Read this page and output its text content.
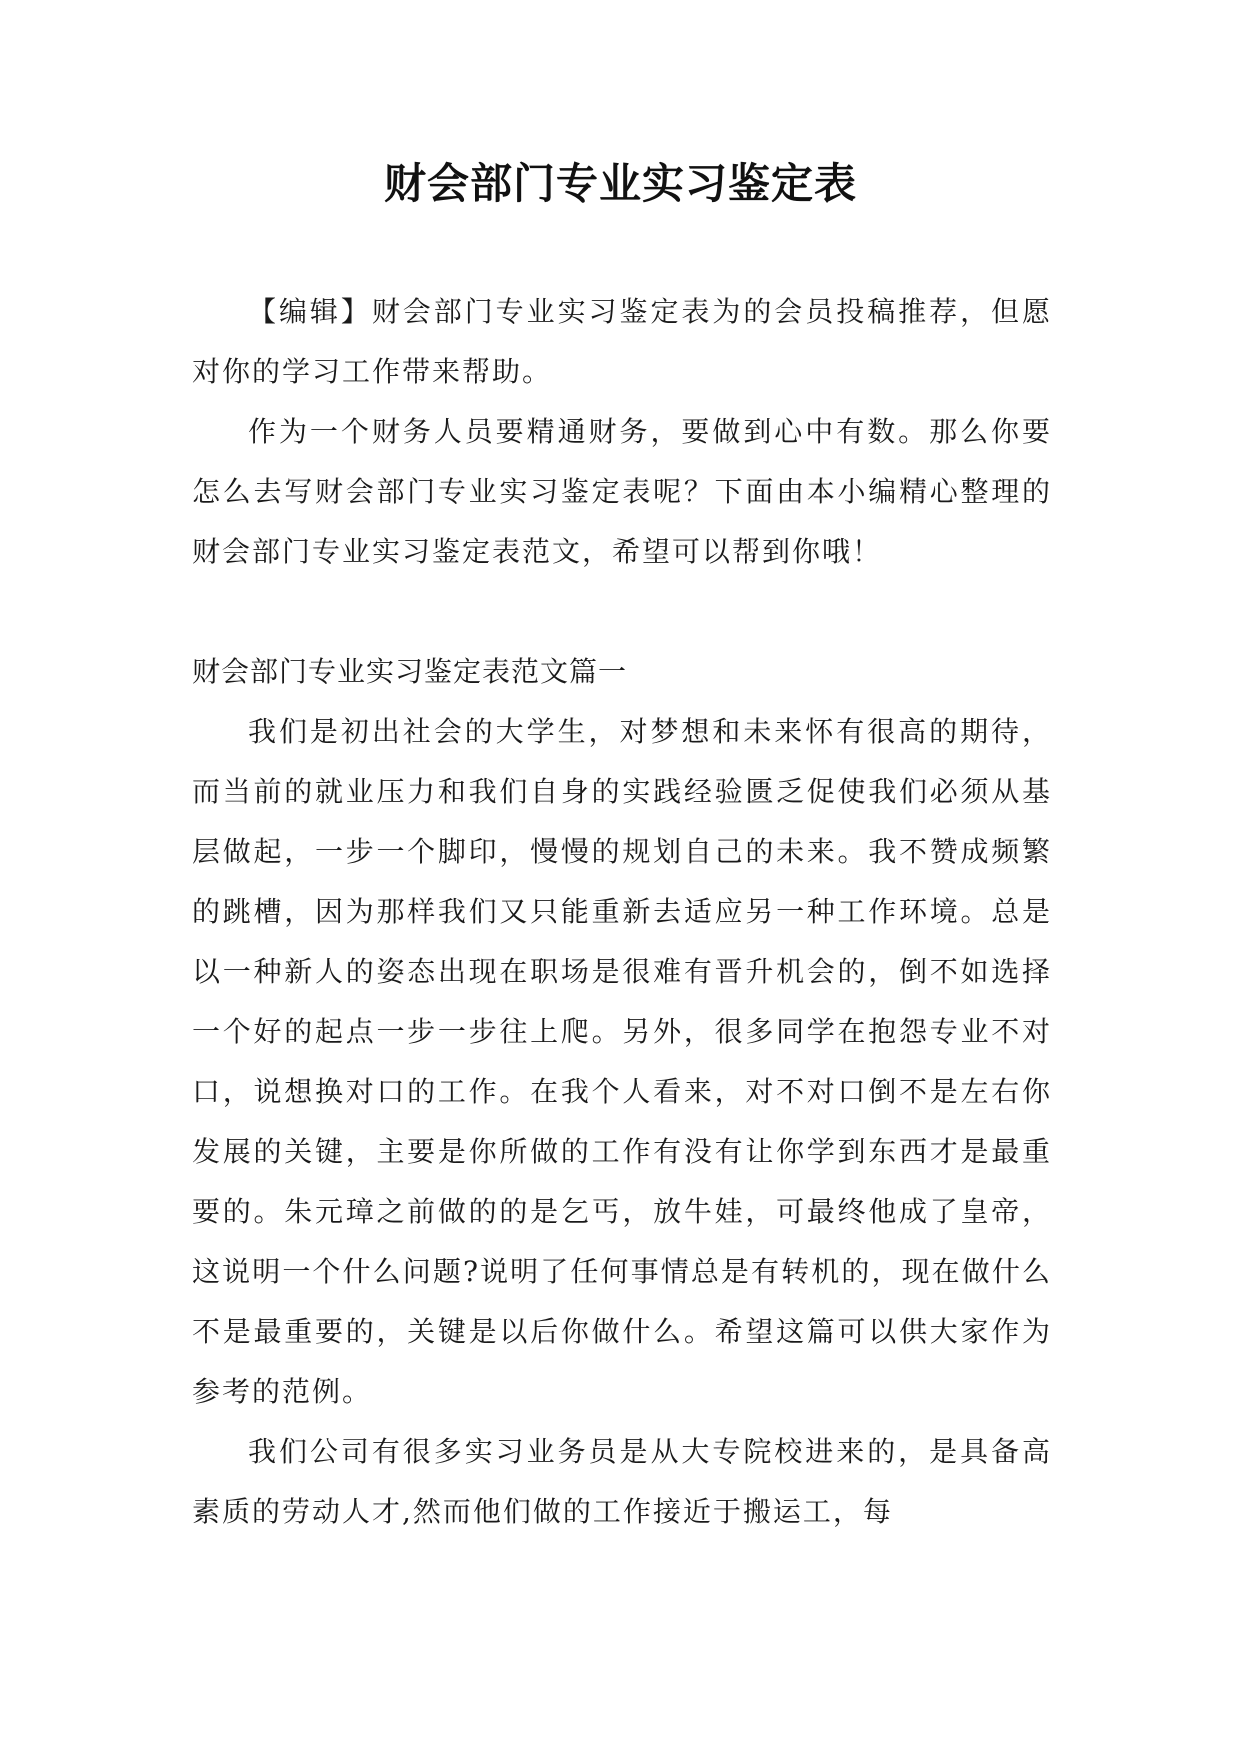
财会部门专业实习鉴定表

【编辑】财会部门专业实习鉴定表为的会员投稿推荐，但愿对你的学习工作带来帮助。

作为一个财务人员要精通财务，要做到心中有数。那么你要怎么去写财会部门专业实习鉴定表呢？下面由本小编精心整理的财会部门专业实习鉴定表范文，希望可以帮到你哦！

财会部门专业实习鉴定表范文篇一

我们是初出社会的大学生，对梦想和未来怀有很高的期待，而当前的就业压力和我们自身的实践经验匮乏促使我们必须从基层做起，一步一个脚印，慢慢的规划自己的未来。我不赞成频繁的跳槽，因为那样我们又只能重新去适应另一种工作环境。总是以一种新人的姿态出现在职场是很难有晋升机会的，倒不如选择一个好的起点一步一步往上爬。另外，很多同学在抱怨专业不对口，说想换对口的工作。在我个人看来，对不对口倒不是左右你发展的关键，主要是你所做的工作有没有让你学到东西才是最重要的。朱元璋之前做的的是乞丐，放牛娃，可最终他成了皇帝，这说明一个什么问题?说明了任何事情总是有转机的，现在做什么不是最重要的，关键是以后你做什么。希望这篇可以供大家作为参考的范例。

我们公司有很多实习业务员是从大专院校进来的，是具备高素质的劳动人才,然而他们做的工作接近于搬运工，每
